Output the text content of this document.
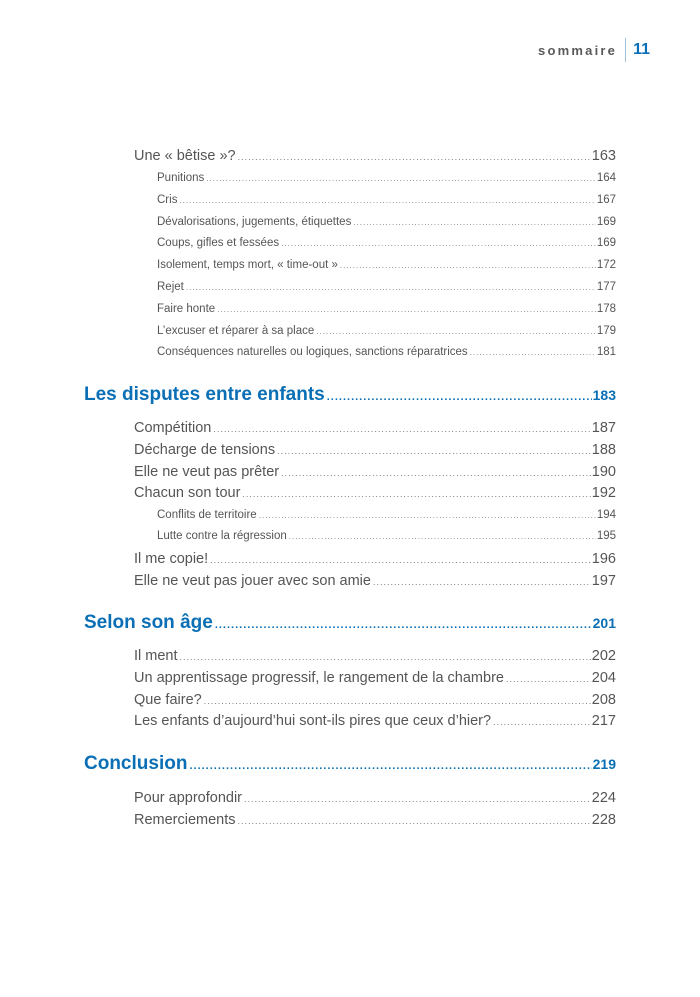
sommaire	11
Une « bêtise »? .....	163
Punitions .....	164
Cris .....	167
Dévalorisations, jugements, étiquettes .....	169
Coups, gifles et fessées .....	169
Isolement, temps mort, « time-out » .....	172
Rejet .....	177
Faire honte .....	178
L’excuser et réparer à sa place .....	179
Conséquences naturelles ou logiques, sanctions réparatrices .....	181
Les disputes entre enfants .....	183
Compétition .....	187
Décharge de tensions .....	188
Elle ne veut pas prêter .....	190
Chacun son tour .....	192
Conflits de territoire .....	194
Lutte contre la régression .....	195
Il me copie! .....	196
Elle ne veut pas jouer avec son amie .....	197
Selon son âge .....	201
Il ment .....	202
Un apprentissage progressif, le rangement de la chambre .....	204
Que faire? .....	208
Les enfants d’aujourd’hui sont-ils pires que ceux d’hier? .....	217
Conclusion .....	219
Pour approfondir .....	224
Remerciements .....	228
